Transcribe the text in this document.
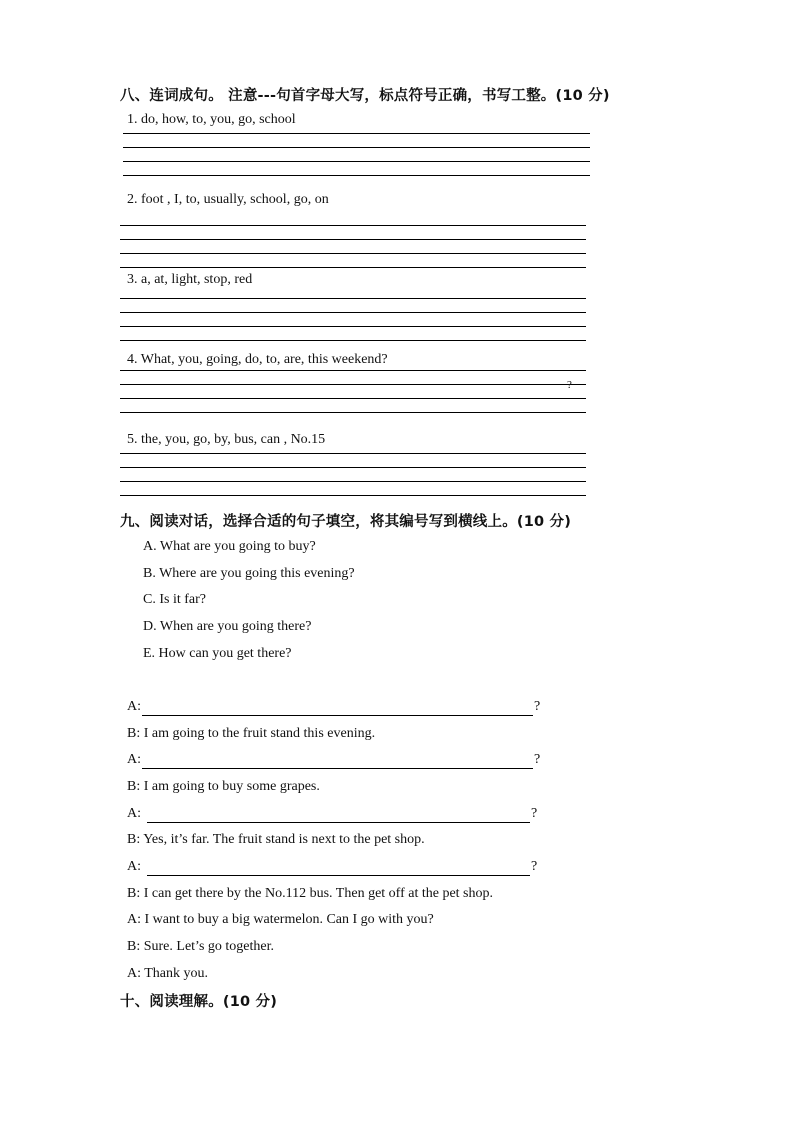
八、连词成句。 注意---句首字母大写，标点符号正确，书写工整。(10 分)
1. do, how, to, you, go, school
2. foot , I, to, usually, school, go, on
3. a, at, light, stop, red
4. What, you, going, do, to, are, this weekend?
?
5. the, you, go, by, bus, can , No.15
九、阅读对话，选择合适的句子填空，将其编号写到横线上。(10 分)
A. What are you going to buy?
B. Where are you going this evening?
C. Is it far?
D. When are you going there?
E. How can you get there?
A:	?
B: I am going to the fruit stand this evening.
A:	?
B: I am going to buy some grapes.
A:	?
B: Yes, it’s far. The fruit stand is next to the pet shop.
A:	?
B: I can get there by the No.112 bus. Then get off at the pet shop.
A: I want to buy a big watermelon. Can I go with you?
B: Sure. Let’s go together.
A: Thank you.
十、阅读理解。(10 分)
